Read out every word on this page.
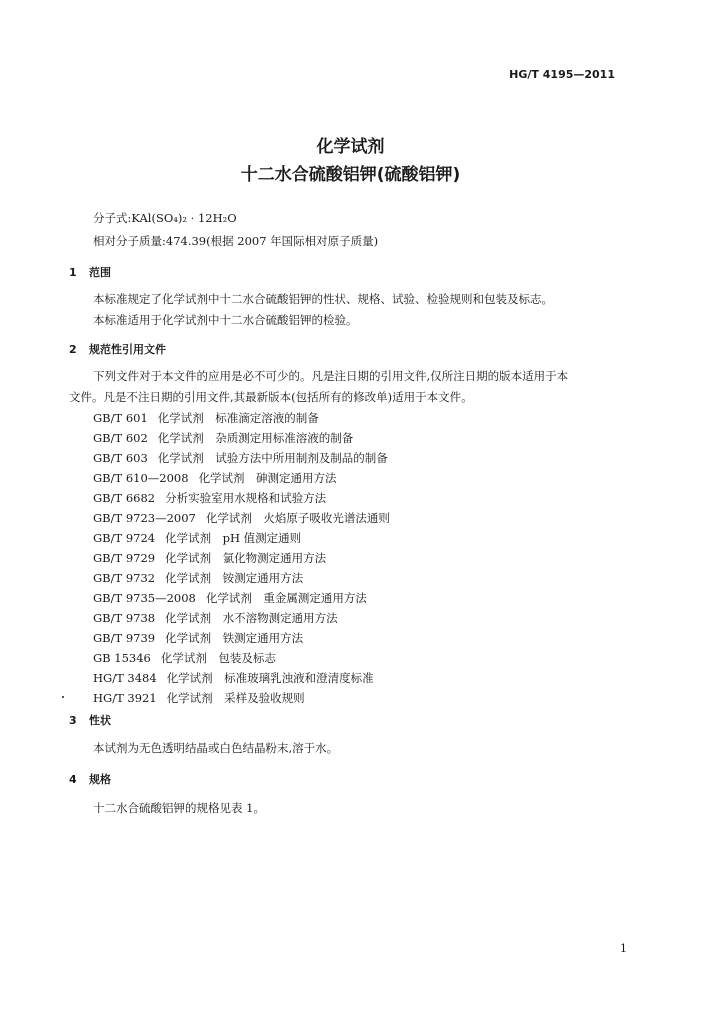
HG/T 4195—2011
化学试剂
十二水合硫酸铝钾(硫酸铝钾)
分子式:KAl(SO₄)₂ · 12H₂O
相对分子质量:474.39(根据 2007 年国际相对原子质量)
1 范围
本标准规定了化学试剂中十二水合硫酸铝钾的性状、规格、试验、检验规则和包装及标志。
本标准适用于化学试剂中十二水合硫酸铝钾的检验。
2 规范性引用文件
下列文件对于本文件的应用是必不可少的。凡是注日期的引用文件,仅所注日期的版本适用于本
文件。凡是不注日期的引用文件,其最新版本(包括所有的修改单)适用于本文件。
GB/T 601 化学试剂　标准滴定溶液的制备
GB/T 602 化学试剂　杂质测定用标准溶液的制备
GB/T 603 化学试剂　试验方法中所用制剂及制品的制备
GB/T 610—2008 化学试剂　砷测定通用方法
GB/T 6682 分析实验室用水规格和试验方法
GB/T 9723—2007 化学试剂　火焰原子吸收光谱法通则
GB/T 9724 化学试剂　pH 值测定通则
GB/T 9729 化学试剂　氯化物测定通用方法
GB/T 9732 化学试剂　铵测定通用方法
GB/T 9735—2008 化学试剂　重金属测定通用方法
GB/T 9738 化学试剂　水不溶物测定通用方法
GB/T 9739 化学试剂　铁测定通用方法
GB 15346 化学试剂　包装及标志
HG/T 3484 化学试剂　标准玻璃乳浊液和澄清度标准
HG/T 3921 化学试剂　采样及验收规则
3 性状
本试剂为无色透明结晶或白色结晶粉末,溶于水。
4 规格
十二水合硫酸铝钾的规格见表 1。
1
